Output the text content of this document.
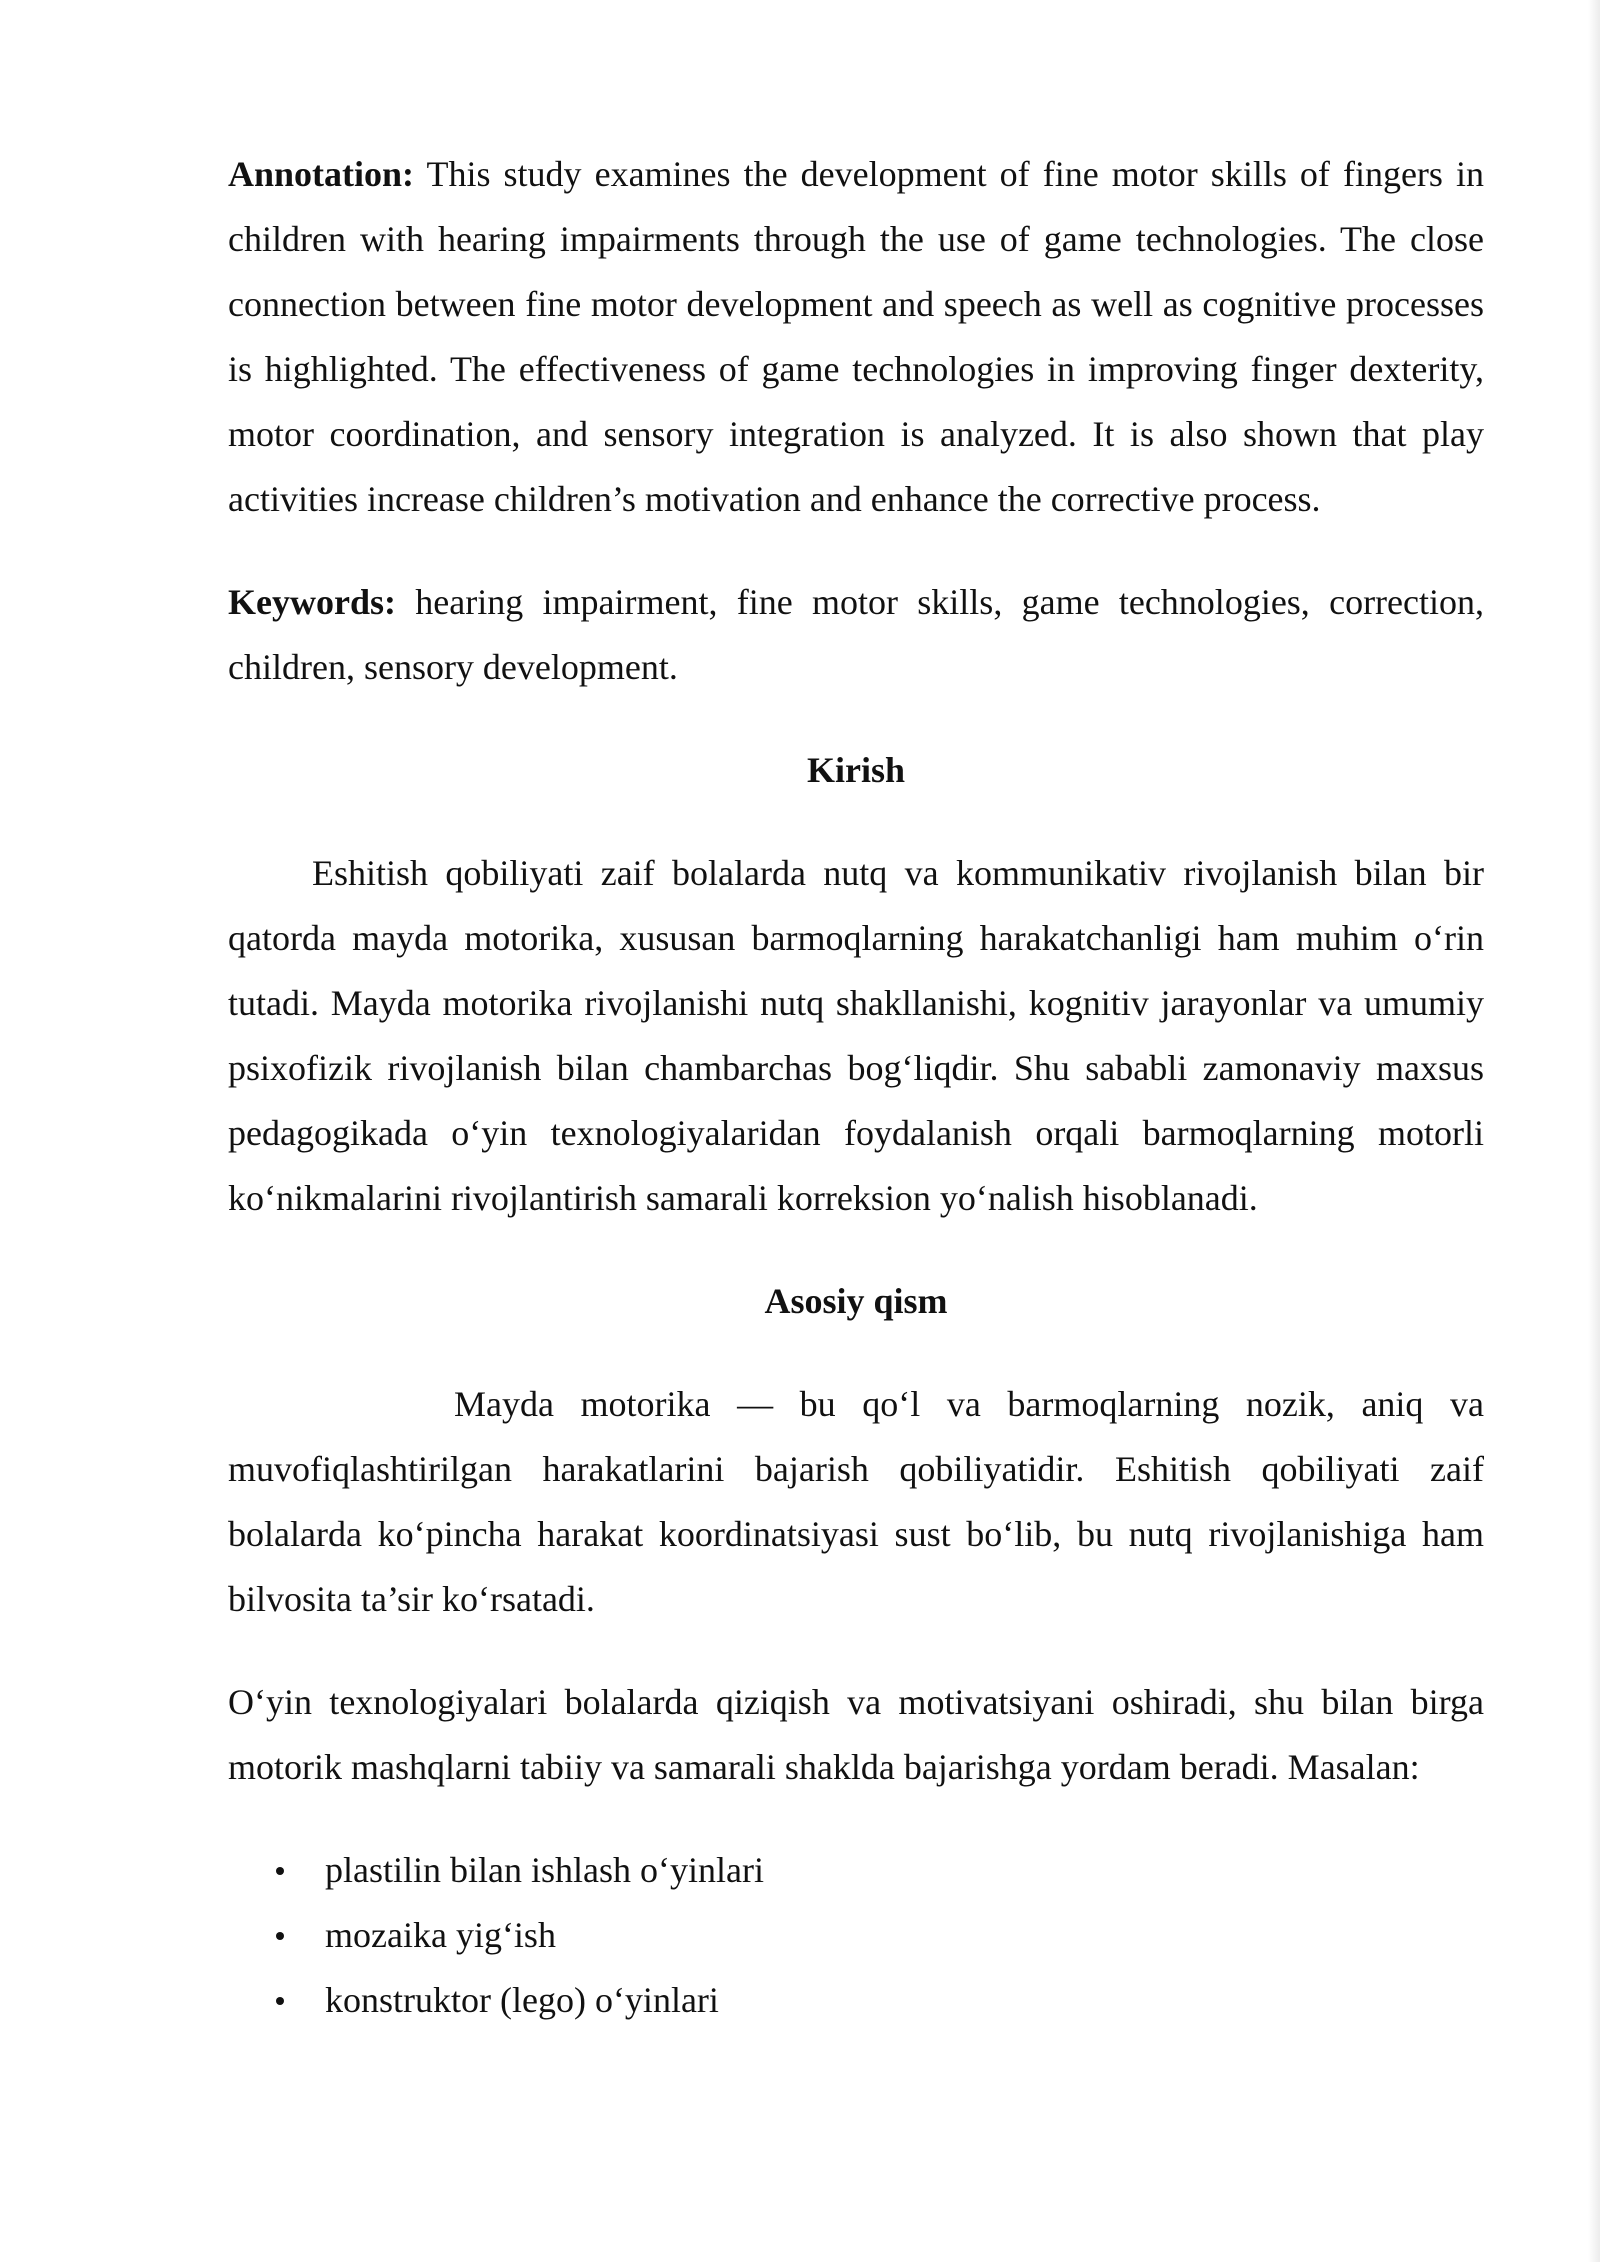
Annotation: This study examines the development of fine motor skills of fingers in children with hearing impairments through the use of game technologies. The close connection between fine motor development and speech as well as cognitive processes is highlighted. The effectiveness of game technologies in improving finger dexterity, motor coordination, and sensory integration is analyzed. It is also shown that play activities increase children’s motivation and enhance the corrective process.

Keywords: hearing impairment, fine motor skills, game technologies, correction, children, sensory development.

Kirish

Eshitish qobiliyati zaif bolalarda nutq va kommunikativ rivojlanish bilan bir qatorda mayda motorika, xususan barmoqlarning harakatchanligi ham muhim o‘rin tutadi. Mayda motorika rivojlanishi nutq shakllanishi, kognitiv jarayonlar va umumiy psixofizik rivojlanish bilan chambarchas bog‘liqdir. Shu sababli zamonaviy maxsus pedagogikada o‘yin texnologiyalaridan foydalanish orqali barmoqlarning motorli ko‘nikmalarini rivojlantirish samarali korreksion yo‘nalish hisoblanadi.

Asosiy qism

Mayda motorika — bu qo‘l va barmoqlarning nozik, aniq va muvofiqlashtirilgan harakatlarini bajarish qobiliyatidir. Eshitish qobiliyati zaif bolalarda ko‘pincha harakat koordinatsiyasi sust bo‘lib, bu nutq rivojlanishiga ham bilvosita ta’sir ko‘rsatadi.

O‘yin texnologiyalari bolalarda qiziqish va motivatsiyani oshiradi, shu bilan birga motorik mashqlarni tabiiy va samarali shaklda bajarishga yordam beradi. Masalan:

plastilin bilan ishlash o‘yinlari
mozaika yig‘ish
konstruktor (lego) o‘yinlari
